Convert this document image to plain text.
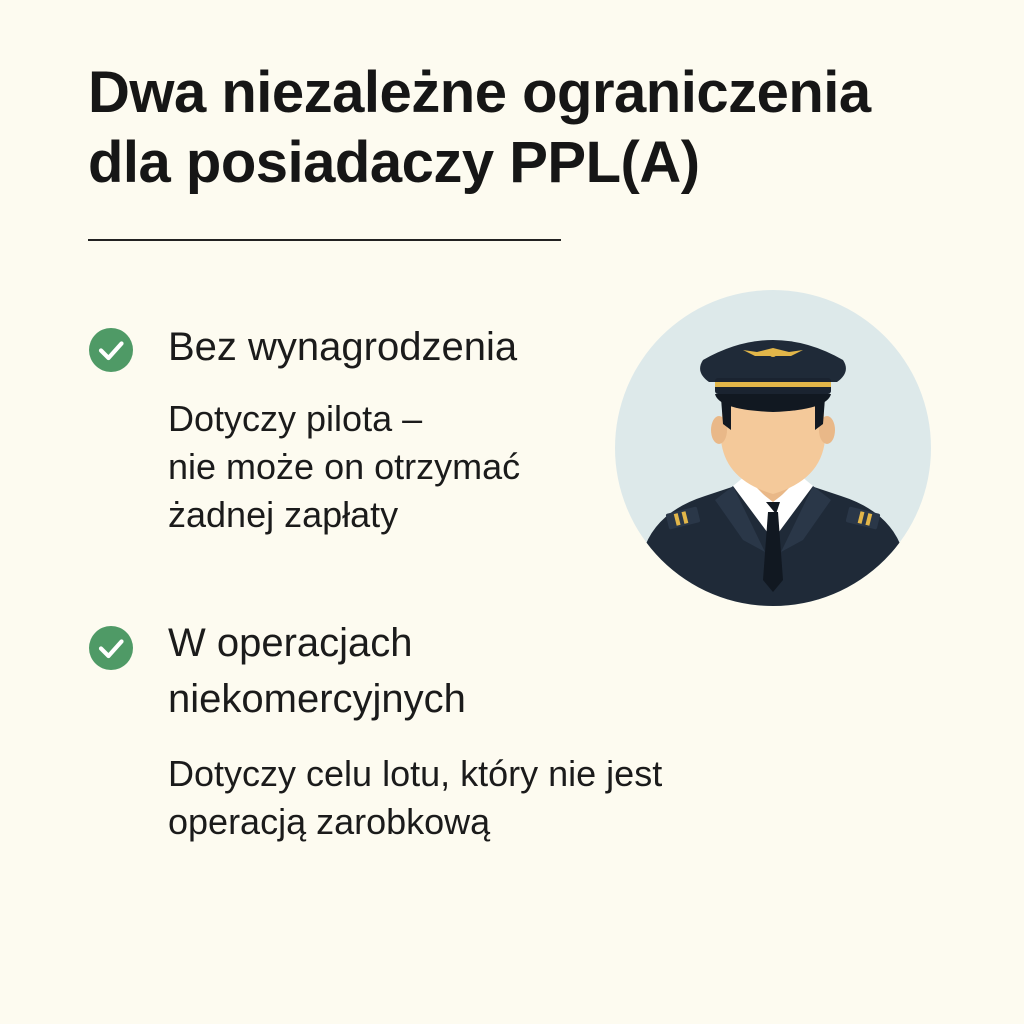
Dwa niezależne ograniczenia
dla posiadaczy PPL(A)
Bez wynagrodzenia
Dotyczy pilota –
nie może on otrzymać
żadnej zapłaty
W operacjach
niekomercyjnych
Dotyczy celu lotu, który nie jest
operacją zarobkową
